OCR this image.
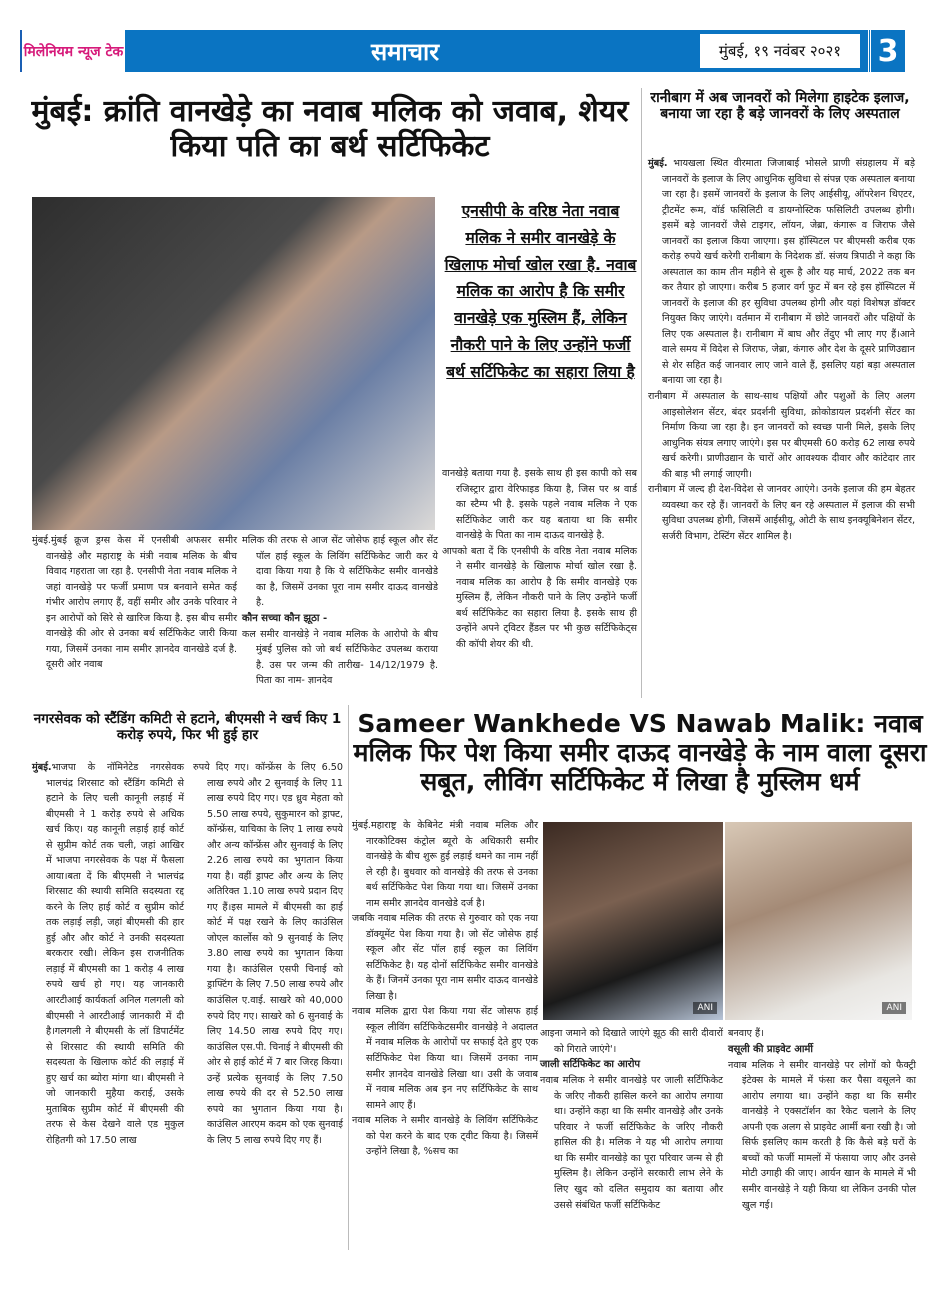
मिलेनियम न्यूज टेक	समाचार	मुंबई, १९ नवंबर २०२१	3
मुंबई: क्रांति वानखेड़े का नवाब मलिक को जवाब, शेयर किया पति का बर्थ सर्टिफिकेट
एनसीपी के वरिष्ठ नेता नवाब मलिक ने समीर वानखेड़े के खिलाफ मोर्चा खोल रखा है. नवाब मलिक का आरोप है कि समीर वानखेड़े एक मुस्लिम हैं, लेकिन नौकरी पाने के लिए उन्होंने फर्जी बर्थ सर्टिफिकेट का सहारा लिया है

मुंबई.मुंबई क्रूज ड्रग्स केस में एनसीबी अफसर समीर वानखेड़े और महाराष्ट्र के मंत्री नवाब मलिक के बीच विवाद गहराता जा रहा है. एनसीपी नेता नवाब मलिक ने जहां वानखेड़े पर फर्जी प्रमाण पत्र बनवाने समेत कई गंभीर आरोप लगाए हैं, वहीं समीर और उनके परिवार ने इन आरोपों को सिरे से खारिज किया है. इस बीच समीर वानखेड़े की ओर से उनका बर्थ सर्टिफिकेट जारी किया गया, जिसमें उनका नाम समीर ज्ञानदेव वानखेडे दर्ज है. दूसरी ओर नवाब

मलिक की तरफ से आज सेंट जोसेफ हाई स्कूल और सेंट पॉल हाई स्कूल के लिविंग सर्टिफिकेट जारी कर ये दावा किया गया है कि ये सर्टिफिकेट समीर वानखेडे का है, जिसमें उनका पूरा नाम समीर दाऊद वानखेडे है.

कौन सच्चा कौन झूठा -

कल समीर वानखेड़े ने नवाब मलिक के आरोपो के बीच मुंबई पुलिस को जो बर्थ सर्टिफिकेट उपलब्ध कराया है. उस पर जन्म की तारीख- 14/12/1979 है. पिता का नाम- ज्ञानदेव

वानखेड़े बताया गया है. इसके साथ ही इस कापी को सब रजिस्ट्रार द्वारा वेरिफाइड किया है, जिस पर श्र वार्ड का स्टैम्प भी है. इसके पहले नवाब मलिक ने एक सर्टिफिकेट जारी कर यह बताया था कि समीर वानखेड़े के पिता का नाम दाऊद वानखेड़े है.

आपको बता दें कि एनसीपी के वरिष्ठ नेता नवाब मलिक ने समीर वानखेड़े के खिलाफ मोर्चा खोल रखा है. नवाब मलिक का आरोप है कि समीर वानखेड़े एक मुस्लिम हैं, लेकिन नौकरी पाने के लिए उन्होंने फर्जी बर्थ सर्टिफिकेट का सहारा लिया है. इसके साथ ही उन्होंने अपने ट्विटर हैंडल पर भी कुछ सर्टिफिकेट्स की कॉपी शेयर की थी.

रानीबाग में अब जानवरों को मिलेगा हाइटेक इलाज, बनाया जा रहा है बड़े जानवरों के लिए अस्पताल

मुंबई. भायखला स्थित वीरमाता जिजाबाई भोसले प्राणी संग्रहालय में बड़े जानवरों के इलाज के लिए आधुनिक सुविधा से संपन्न एक अस्पताल बनाया जा रहा है। इसमें जानवरों के इलाज के लिए आईसीयू, ऑपरेशन थिएटर, ट्रीटमेंट रूम, वॉर्ड फसिलिटी व डायग्नोस्टिक फसिलिटी उपलब्ध होगी। इसमें बड़े जानवरों जैसे टाइगर, लॉयन, जेब्रा, कंगारू व जिराफ जैसे जानवरों का इलाज किया जाएगा। इस हॉस्पिटल पर बीएमसी करीब एक करोड़ रुपये खर्च करेगी रानीबाग के निदेशक डॉ. संजय त्रिपाठी ने कहा कि अस्पताल का काम तीन महीने से शुरू है और यह मार्च, 2022 तक बन कर तैयार हो जाएगा। करीब 5 हजार वर्ग फुट में बन रहे इस हॉस्पिटल में जानवरों के इलाज की हर सुविधा उपलब्ध होगी और यहां विशेषज्ञ डॉक्टर नियुक्त किए जाएंगे। वर्तमान में रानीबाग में छोटे जानवरों और पक्षियों के लिए एक अस्पताल है। रानीबाग में बाघ और तेंदुए भी लाए गए हैं।आने वाले समय में विदेश से जिराफ, जेब्रा, कंगारु और देश के दूसरे प्राणिउद्यान से शेर सहित कई जानवार लाए जाने वाले हैं, इसलिए यहां बड़ा अस्पताल बनाया जा रहा है।

रानीबाग में अस्पताल के साथ-साथ पक्षियों और पशुओं के लिए अलग आइसोलेशन सेंटर, बंदर प्रदर्शनी सुविधा, क्रोकोडायल प्रदर्शनी सेंटर का निर्माण किया जा रहा है। इन जानवरों को स्वच्छ पानी मिले, इसके लिए आधुनिक संयत्र लगाए जाएंगे। इस पर बीएमसी 60 करोड़ 62 लाख रुपये खर्च करेगी। प्राणीउद्यान के चारों ओर आवश्यक दीवार और कांटेदार तार की बाड़ भी लगाई जाएगी।

रानीबाग में जल्द ही देश-विदेश से जानवर आएंगे। उनके इलाज की हम बेहतर व्यवस्था कर रहे हैं। जानवरों के लिए बन रहे अस्पताल में इलाज की सभी सुविधा उपलब्ध होगी, जिसमें आईसीयू, ओटी के साथ इनक्यूबिनेशन सेंटर, सर्जरी विभाग, टेस्टिंग सेंटर शामिल है।

नगरसेवक को स्टैंडिंग कमिटी से हटाने, बीएमसी ने खर्च किए 1 करोड़ रुपये, फिर भी हुई हार

मुंबई.भाजपा के नॉमिनेटेड नगरसेवक भालचंद्र शिरसाट को स्टैंडिंग कमिटी से हटाने के लिए चली कानूनी लड़ाई में बीएमसी ने 1 करोड़ रुपये से अधिक खर्च किए। यह कानूनी लड़ाई हाई कोर्ट से सुप्रीम कोर्ट तक चली, जहां आखिर में भाजपा नगरसेवक के पक्ष में फैसला आया।बता दें कि बीएमसी ने भालचंद्र शिरसाट की स्थायी समिति सदस्यता रद्द करने के लिए हाई कोर्ट व सुप्रीम कोर्ट तक लड़ाई लड़ी, जहां बीएमसी की हार हुई और और कोर्ट ने उनकी सदस्यता बरकरार रखी। लेकिन इस राजनीतिक लड़ाई में बीएमसी का 1 करोड़ 4 लाख रुपये खर्च हो गए। यह जानकारी आरटीआई कार्यकर्ता अनिल गलगली को बीएमसी ने आरटीआई जानकारी में दी है।गलगली ने बीएमसी के लॉ डिपार्टमेंट से शिरसाट की स्थायी समिति की सदस्यता के खिलाफ कोर्ट की लड़ाई में हुए खर्च का ब्योरा मांगा था। बीएमसी ने जो जानकारी मुहैया कराई, उसके मुताबिक सुप्रीम कोर्ट में बीएमसी की तरफ से केस देखने वाले एड मुकुल रोहितगी को 17.50 लाख

रुपये दिए गए। कॉन्फ्रेंस के लिए 6.50 लाख रुपये और 2 सुनवाई के लिए 11 लाख रुपये दिए गए। एड ध्रुव मेहता को 5.50 लाख रुपये, सुकुमारन को ड्राफ्ट, कॉन्फ्रेंस, याचिका के लिए 1 लाख रुपये और अन्य कॉन्फ्रेंस और सुनवाई के लिए 2.26 लाख रुपये का भुगतान किया गया है। वहीं ड्राफ्ट और अन्य के लिए अतिरिक्त 1.10 लाख रुपये प्रदान दिए गए हैं।इस मामले में बीएमसी का हाई कोर्ट में पक्ष रखने के लिए काउंसिल जोएल कार्लोस को 9 सुनवाई के लिए 3.80 लाख रुपये का भुगतान किया गया है। काउंसिल एसपी चिनाई को ड्राफ्टिंग के लिए 7.50 लाख रुपये और काउंसिल ए.वाई. साखरे को 40,000 रुपये दिए गए। साखरे को 6 सुनवाई के लिए 14.50 लाख रुपये दिए गए। काउंसिल एस.पी. चिनाई ने बीएमसी की ओर से हाई कोर्ट में 7 बार जिरह किया। उन्हें प्रत्येक सुनवाई के लिए 7.50 लाख रुपये की दर से 52.50 लाख रुपये का भुगतान किया गया है। काउंसिल आरएम कदम को एक सुनवाई के लिए 5 लाख रुपये दिए गए हैं।

Sameer Wankhede VS Nawab Malik: नवाब मलिक फिर पेश किया समीर दाऊद वानखेड़े के नाम वाला दूसरा सबूत, लीविंग सर्टिफिकेट में लिखा है मुस्लिम धर्म

मुंबई.महाराष्ट्र के केबिनेट मंत्री नवाब मलिक और नारकोटिक्स कंट्रोल ब्यूरो के अधिकारी समीर वानखेड़े के बीच शुरू हुई लड़ाई थमने का नाम नहीं ले रही है। बुधवार को वानखेड़े की तरफ से उनका बर्थ सर्टिफिकेट पेश किया गया था। जिसमें उनका नाम समीर ज्ञानदेव वानखेडे दर्ज है।

जबकि नवाब मलिक की तरफ से गुरुवार को एक नया डॉक्यूमेंट पेश किया गया है। जो सेंट जोसेफ हाई स्कूल और सेंट पॉल हाई स्कूल का लिविंग सर्टिफिकेट है। यह दोनों सर्टिफिकेट समीर वानखेडे के हैं। जिनमें उनका पूरा नाम समीर दाऊद वानखेडे लिखा है।

नवाब मलिक द्वारा पेश किया गया सेंट जोसफ हाई स्कूल लीविंग सर्टिफिकेटसमीर वानखेड़े ने अदालत में नवाब मलिक के आरोपों पर सफाई देते हुए एक सर्टिफिकेट पेश किया था। जिसमें उनका नाम समीर ज्ञानदेव वानखेडे लिखा था। उसी के जवाब में नवाब मलिक अब इन नए सर्टिफिकेट के साथ सामने आए हैं।

नवाब मलिक ने समीर वानखेड़े के लिविंग सर्टिफिकेट को पेश करने के बाद एक ट्वीट किया है। जिसमें उन्होंने लिखा है, %सच का

ANI	ANI

आइना जमाने को दिखाते जाएंगे झूठ की सारी दीवारों को गिराते जाएंगे'।

जाली सर्टिफिकेट का आरोप

नवाब मलिक ने समीर वानखेड़े पर जाली सर्टिफिकेट के जरिए नौकरी हासिल करने का आरोप लगाया था। उन्होंने कहा था कि समीर वानखेड़े और उनके परिवार ने फर्जी सर्टिफिकेट के जरिए नौकरी हासिल की है। मलिक ने यह भी आरोप लगाया था कि समीर वानखेड़े का पूरा परिवार जन्म से ही मुस्लिम है। लेकिन उन्होंने सरकारी लाभ लेने के लिए खुद को दलित समुदाय का बताया और उससे संबंधित फर्जी सर्टिफिकेट

बनवाए हैं।

वसूली की प्राइवेट आर्मी

नवाब मलिक ने समीर वानखेड़े पर लोगों को फैक्ट्री इंटेक्स के मामले में फंसा कर पैसा वसूलने का आरोप लगाया था। उन्होंने कहा था कि समीर वानखेड़े ने एक्सटॉर्शन का रैकेट चलाने के लिए अपनी एक अलग से प्राइवेट आर्मी बना रखी है। जो सिर्फ इसलिए काम करती है कि कैसे बड़े घरों के बच्चों को फर्जी मामलों में फंसाया जाए और उनसे मोटी उगाही की जाए। आर्यन खान के मामले में भी समीर वानखेड़े ने यही किया था लेकिन उनकी पोल खुल गई।
